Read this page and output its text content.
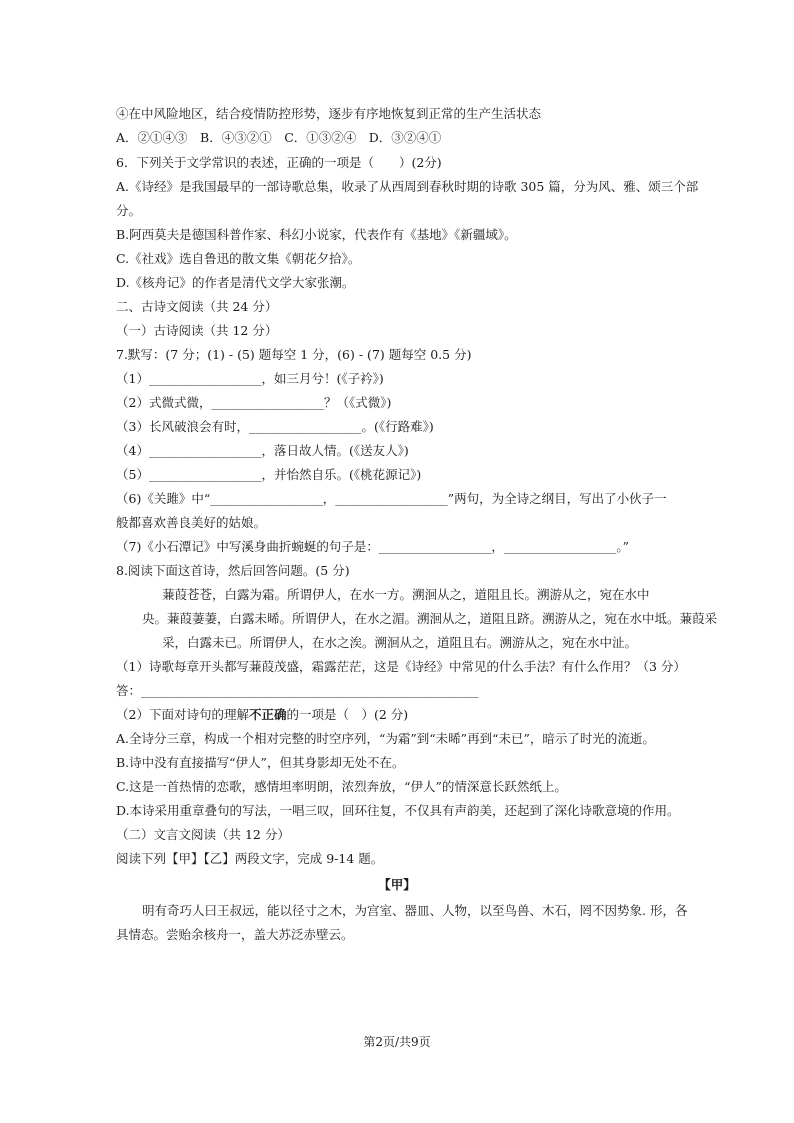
④在中风险地区，结合疫情防控形势，逐步有序地恢复到正常的生产生活状态
A．②①④③　B．④③②①　C．①③②④　D．③②④①
6．下列关于文学常识的表述，正确的一项是（　　）(2分)
A.《诗经》是我国最早的一部诗歌总集，收录了从西周到春秋时期的诗歌 305 篇，分为风、雅、颂三个部
分。
B.阿西莫夫是德国科普作家、科幻小说家，代表作有《基地》《新疆域》。
C.《社戏》选自鲁迅的散文集《朝花夕拾》。
D.《核舟记》的作者是清代文学大家张潮。
二、古诗文阅读（共 24 分）
（一）古诗阅读（共 12 分）
7.默写：(7 分；(1) - (5) 题每空 1 分，(6) - (7) 题每空 0.5 分)
（1）__________________，如三月兮！(《子衿》)
（2）式微式微，__________________？（《式微》)
（3）长风破浪会有时，__________________。(《行路难》)
（4）__________________，落日故人情。(《送友人》)
（5）__________________，并怡然自乐。(《桃花源记》)
（6)《关雎》中“__________________，__________________”两句，为全诗之纲目，写出了小伙子一
般都喜欢善良美好的姑娘。
（7)《小石潭记》中写溪身曲折蜿蜒的句子是：__________________，__________________。”
8.阅读下面这首诗，然后回答问题。(5 分)
蒹葭苍苍，白露为霜。所谓伊人，在水一方。溯洄从之，道阻且长。溯游从之，宛在水中
央。蒹葭萋萋，白露未晞。所谓伊人，在水之湄。溯洄从之，道阻且跻。溯游从之，宛在水中坻。蒹葭采
采，白露未已。所谓伊人，在水之涘。溯洄从之，道阻且右。溯游从之，宛在水中沚。
（1）诗歌每章开头都写蒹葭茂盛，霜露茫茫，这是《诗经》中常见的什么手法？有什么作用？（3 分）
答：______________________________________________________
（2）下面对诗句的理解不正确的一项是（　）(2 分)
A.全诗分三章，构成一个相对完整的时空序列，“为霜”到“未晞”再到“未已”，暗示了时光的流逝。
B.诗中没有直接描写“伊人”，但其身影却无处不在。
C.这是一首热情的恋歌，感情坦率明朗，浓烈奔放，“伊人”的情深意长跃然纸上。
D.本诗采用重章叠句的写法，一唱三叹，回环往复，不仅具有声韵美，还起到了深化诗歌意境的作用。
（二）文言文阅读（共 12 分）
阅读下列【甲】【乙】两段文字，完成 9-14 题。
【甲】
明有奇巧人曰王叔远，能以径寸之木，为宫室、器皿、人物，以至鸟兽、木石，罔不因势象. 形，各
具情态。尝贻余核舟一，盖大苏泛赤壁云。
第2页/共9页
